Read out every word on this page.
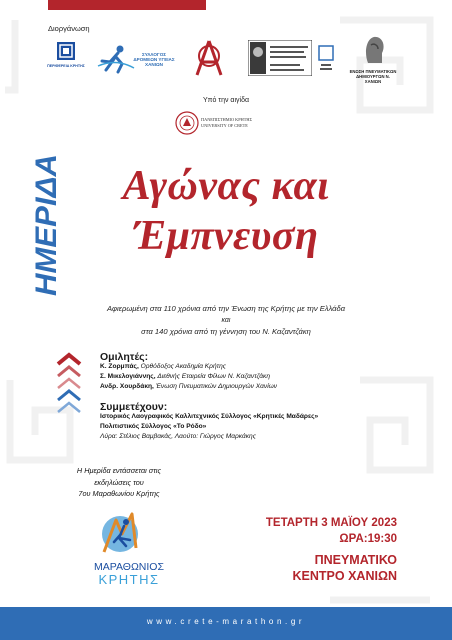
Διοργάνωση
ΠΕΡΙΦΕΡΕΙΑ ΚΡΗΤΗΣ
ΣΥΛΛΟΓΟΣ ΔΡΟΜΕΩΝ ΥΓΕΙΑΣ ΧΑΝΙΩΝ
ΕΝΩΣΗ ΠΝΕΥΜΑΤΙΚΩΝ ΔΗΜΙΟΥΡΓΩΝ Ν. ΧΑΝΙΩΝ
Υπό την αιγίδα
ΠΑΝΕΠΙΣΤΗΜΙΟ ΚΡΗΤΗΣ
UNIVERSITY OF CRETE
ΗΜΕΡΙΔΑ	Αγώνας και
Έμπνευση
Αφιερωμένη στα 110 χρόνια από την Ένωση της Κρήτης με την Ελλάδα
και
στα 140 χρόνια από τη γέννηση του Ν. Καζαντζάκη
Ομιλητές:
Κ. Ζορμπάς, Ορθόδοξος Ακαδημία Κρήτης
Σ. Μικελογιάννης, Διεθνής Εταιρεία Φίλων Ν. Καζαντζάκη
Ανδρ. Χουρδάκη, Ένωση Πνευματικών Δημιουργών Χανίων
Συμμετέχουν:
Ιστορικός Λαογραφικός Καλλιτεχνικός Σύλλογος «Κρητικές Μαδάρες»
Πολιτιστικός Σύλλογος «Το Ρόδο»
Λύρα: Στέλιος Βαμβακάς, Λαούτο: Γιώργος Μαρκάκης
Η Ημερίδα εντάσσεται στις
εκδηλώσεις του
7ου Μαραθωνίου Κρήτης
ΜΑΡΑΘΩΝΙΟΣ
ΚΡΗΤΗΣ
ΤΕΤΑΡΤΗ 3 ΜΑΪΟΥ 2023
ΩΡΑ:19:30
ΠΝΕΥΜΑΤΙΚΟ
ΚΕΝΤΡΟ ΧΑΝΙΩΝ
www.crete-marathon.gr
